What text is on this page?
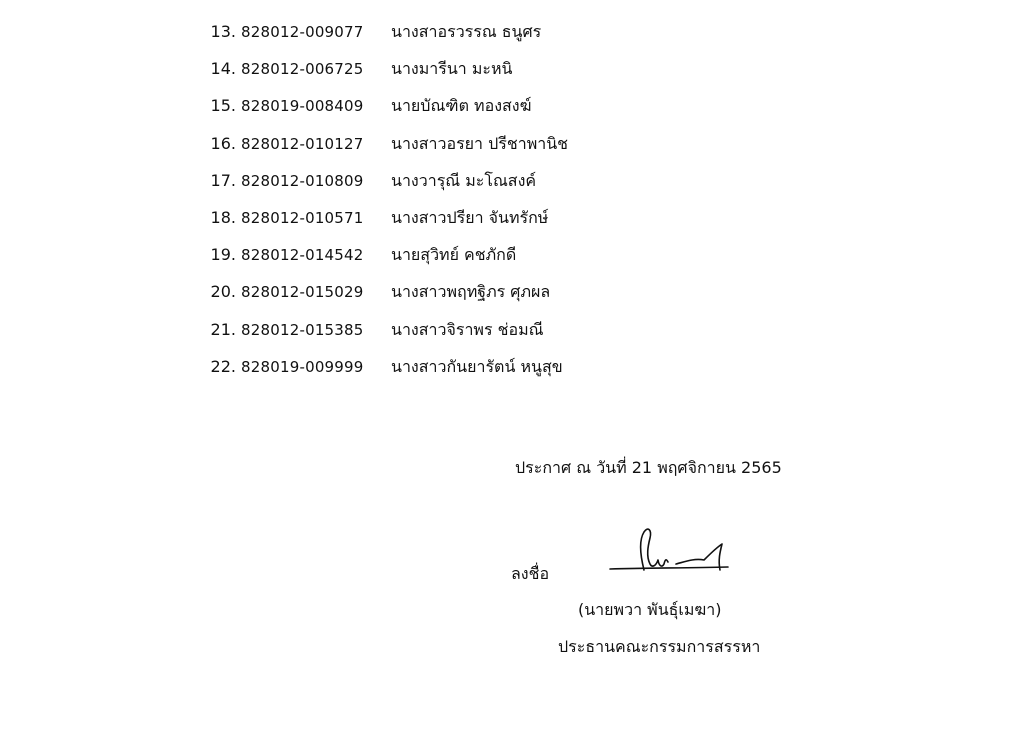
13. 828012-009077 นางสาอรวรรณ ธนูศร
14. 828012-006725 นางมารีนา มะหนิ
15. 828019-008409 นายบัณฑิต ทองสงฆ์
16. 828012-010127 นางสาวอรยา ปรีชาพานิช
17. 828012-010809 นางวารุณี มะโณสงค์
18. 828012-010571 นางสาวปรียา จันทรักษ์
19. 828012-014542 นายสุวิทย์ คชภักดี
20. 828012-015029 นางสาวพฤทฐิภร ศุภผล
21. 828012-015385 นางสาวจิราพร ช่อมณี
22. 828019-009999 นางสาวกันยารัตน์ หนูสุข
ประกาศ ณ วันที่ 21 พฤศจิกายน 2565
ลงชื่อ
(นายพวา พันธุ์เมฆา)
ประธานคณะกรรมการสรรหา
